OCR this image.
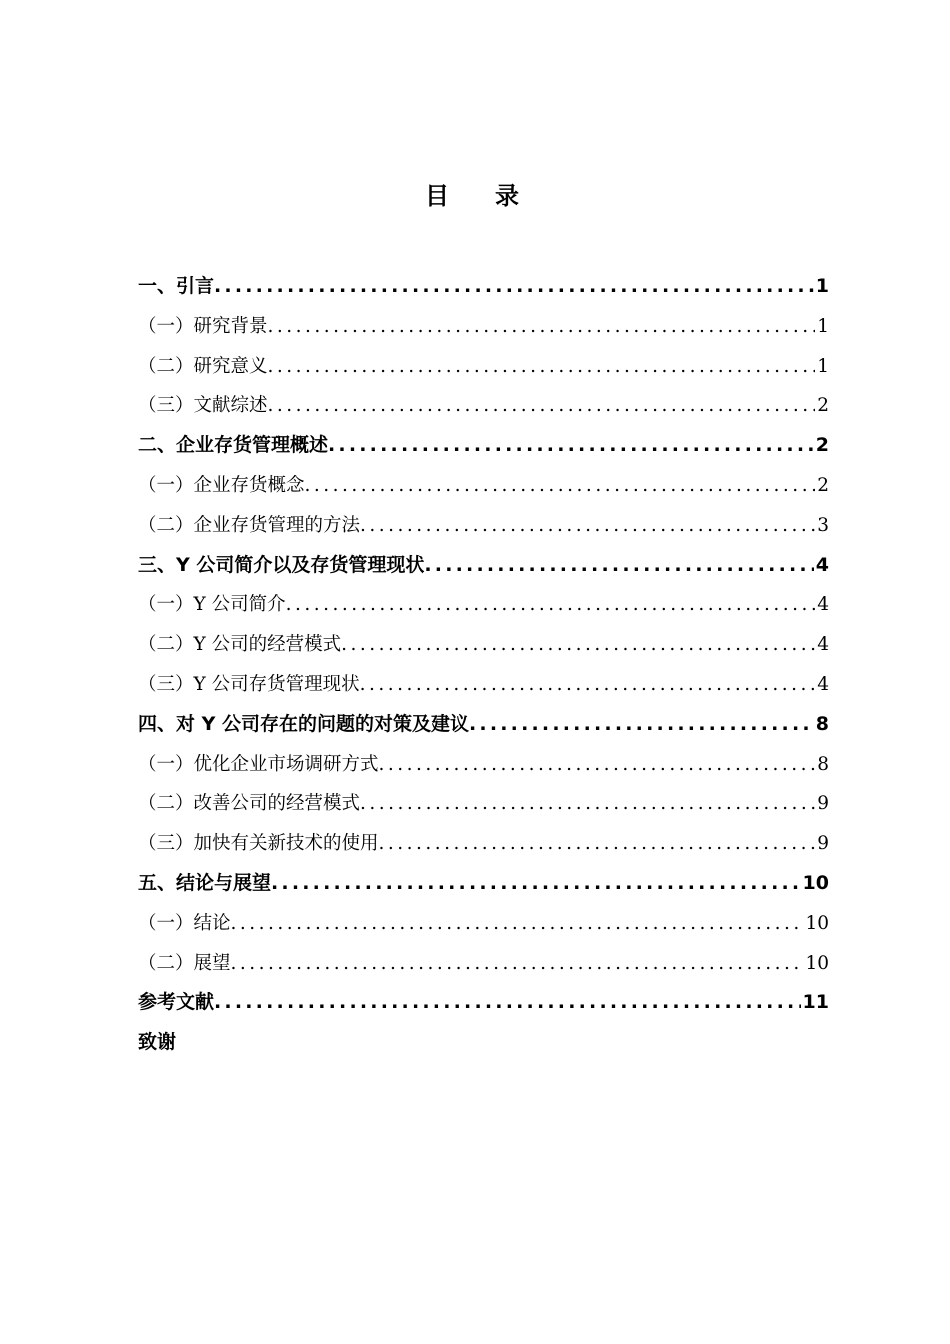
目录
一、引言 .....	1
（一）研究背景 .....	1
（二）研究意义 .....	1
（三）文献综述 .....	2
二、企业存货管理概述 .....	2
（一）企业存货概念 .....	2
（二）企业存货管理的方法 .....	3
三、Y 公司简介以及存货管理现状 .....	4
（一）Y 公司简介 .....	4
（二）Y 公司的经营模式 .....	4
（三）Y 公司存货管理现状 .....	4
四、对 Y 公司存在的问题的对策及建议 .....	8
（一）优化企业市场调研方式 .....	8
（二）改善公司的经营模式 .....	9
（三）加快有关新技术的使用 .....	9
五、结论与展望 .....	10
（一）结论 .....	10
（二）展望 .....	10
参考文献 .....	11
致谢
